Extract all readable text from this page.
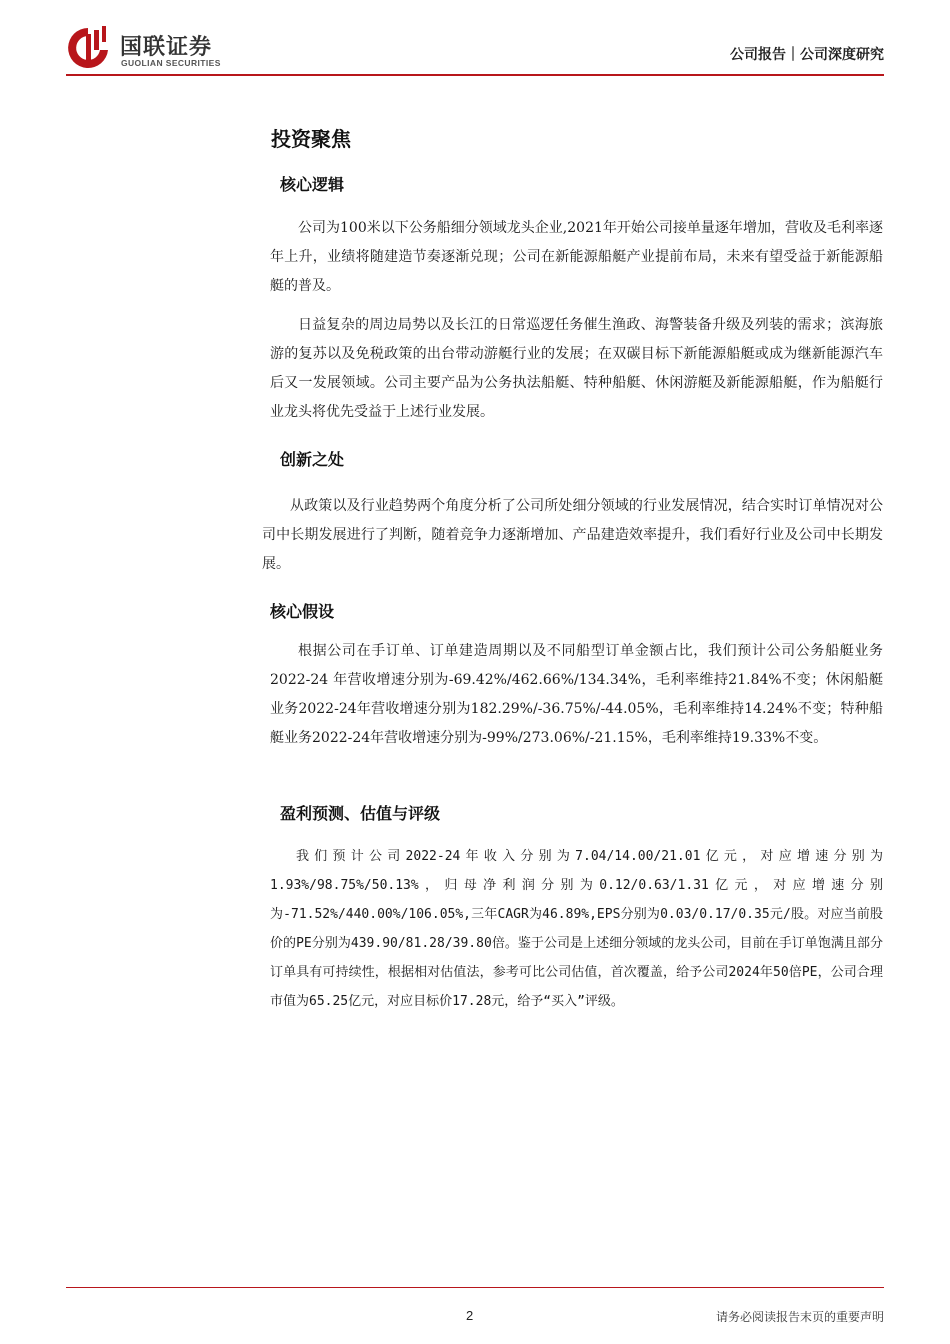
国联证券
GUOLIAN SECURITIES	公司报告｜公司深度研究
投资聚焦
核心逻辑
公司为100米以下公务船细分领域龙头企业,2021年开始公司接单量逐年增加，营收及毛利率逐年上升，业绩将随建造节奏逐渐兑现；公司在新能源船艇产业提前布局，未来有望受益于新能源船艇的普及。
日益复杂的周边局势以及长江的日常巡逻任务催生渔政、海警装备升级及列装的需求；滨海旅游的复苏以及免税政策的出台带动游艇行业的发展；在双碳目标下新能源船艇或成为继新能源汽车后又一发展领域。公司主要产品为公务执法船艇、特种船艇、休闲游艇及新能源船艇，作为船艇行业龙头将优先受益于上述行业发展。
创新之处
从政策以及行业趋势两个角度分析了公司所处细分领域的行业发展情况，结合实时订单情况对公司中长期发展进行了判断，随着竞争力逐渐增加、产品建造效率提升，我们看好行业及公司中长期发展。
核心假设
根据公司在手订单、订单建造周期以及不同船型订单金额占比，我们预计公司公务船艇业务 2022-24 年营收增速分别为-69.42%/462.66%/134.34%，毛利率维持21.84%不变；休闲船艇业务2022-24年营收增速分别为182.29%/-36.75%/-44.05%，毛利率维持14.24%不变；特种船艇业务2022-24年营收增速分别为-99%/273.06%/-21.15%，毛利率维持19.33%不变。
盈利预测、估值与评级
我们预计公司2022-24年收入分别为7.04/14.00/21.01亿元，对应增速分别为1.93%/98.75%/50.13%，归母净利润分别为0.12/0.63/1.31亿元，对应增速分别为-71.52%/440.00%/106.05%,三年CAGR为46.89%,EPS分别为0.03/0.17/0.35元/股。对应当前股价的PE分别为439.90/81.28/39.80倍。鉴于公司是上述细分领域的龙头公司，目前在手订单饱满且部分订单具有可持续性，根据相对估值法，参考可比公司估值，首次覆盖，给予公司2024年50倍PE，公司合理市值为65.25亿元，对应目标价17.28元，给予“买入”评级。
2	请务必阅读报告末页的重要声明
